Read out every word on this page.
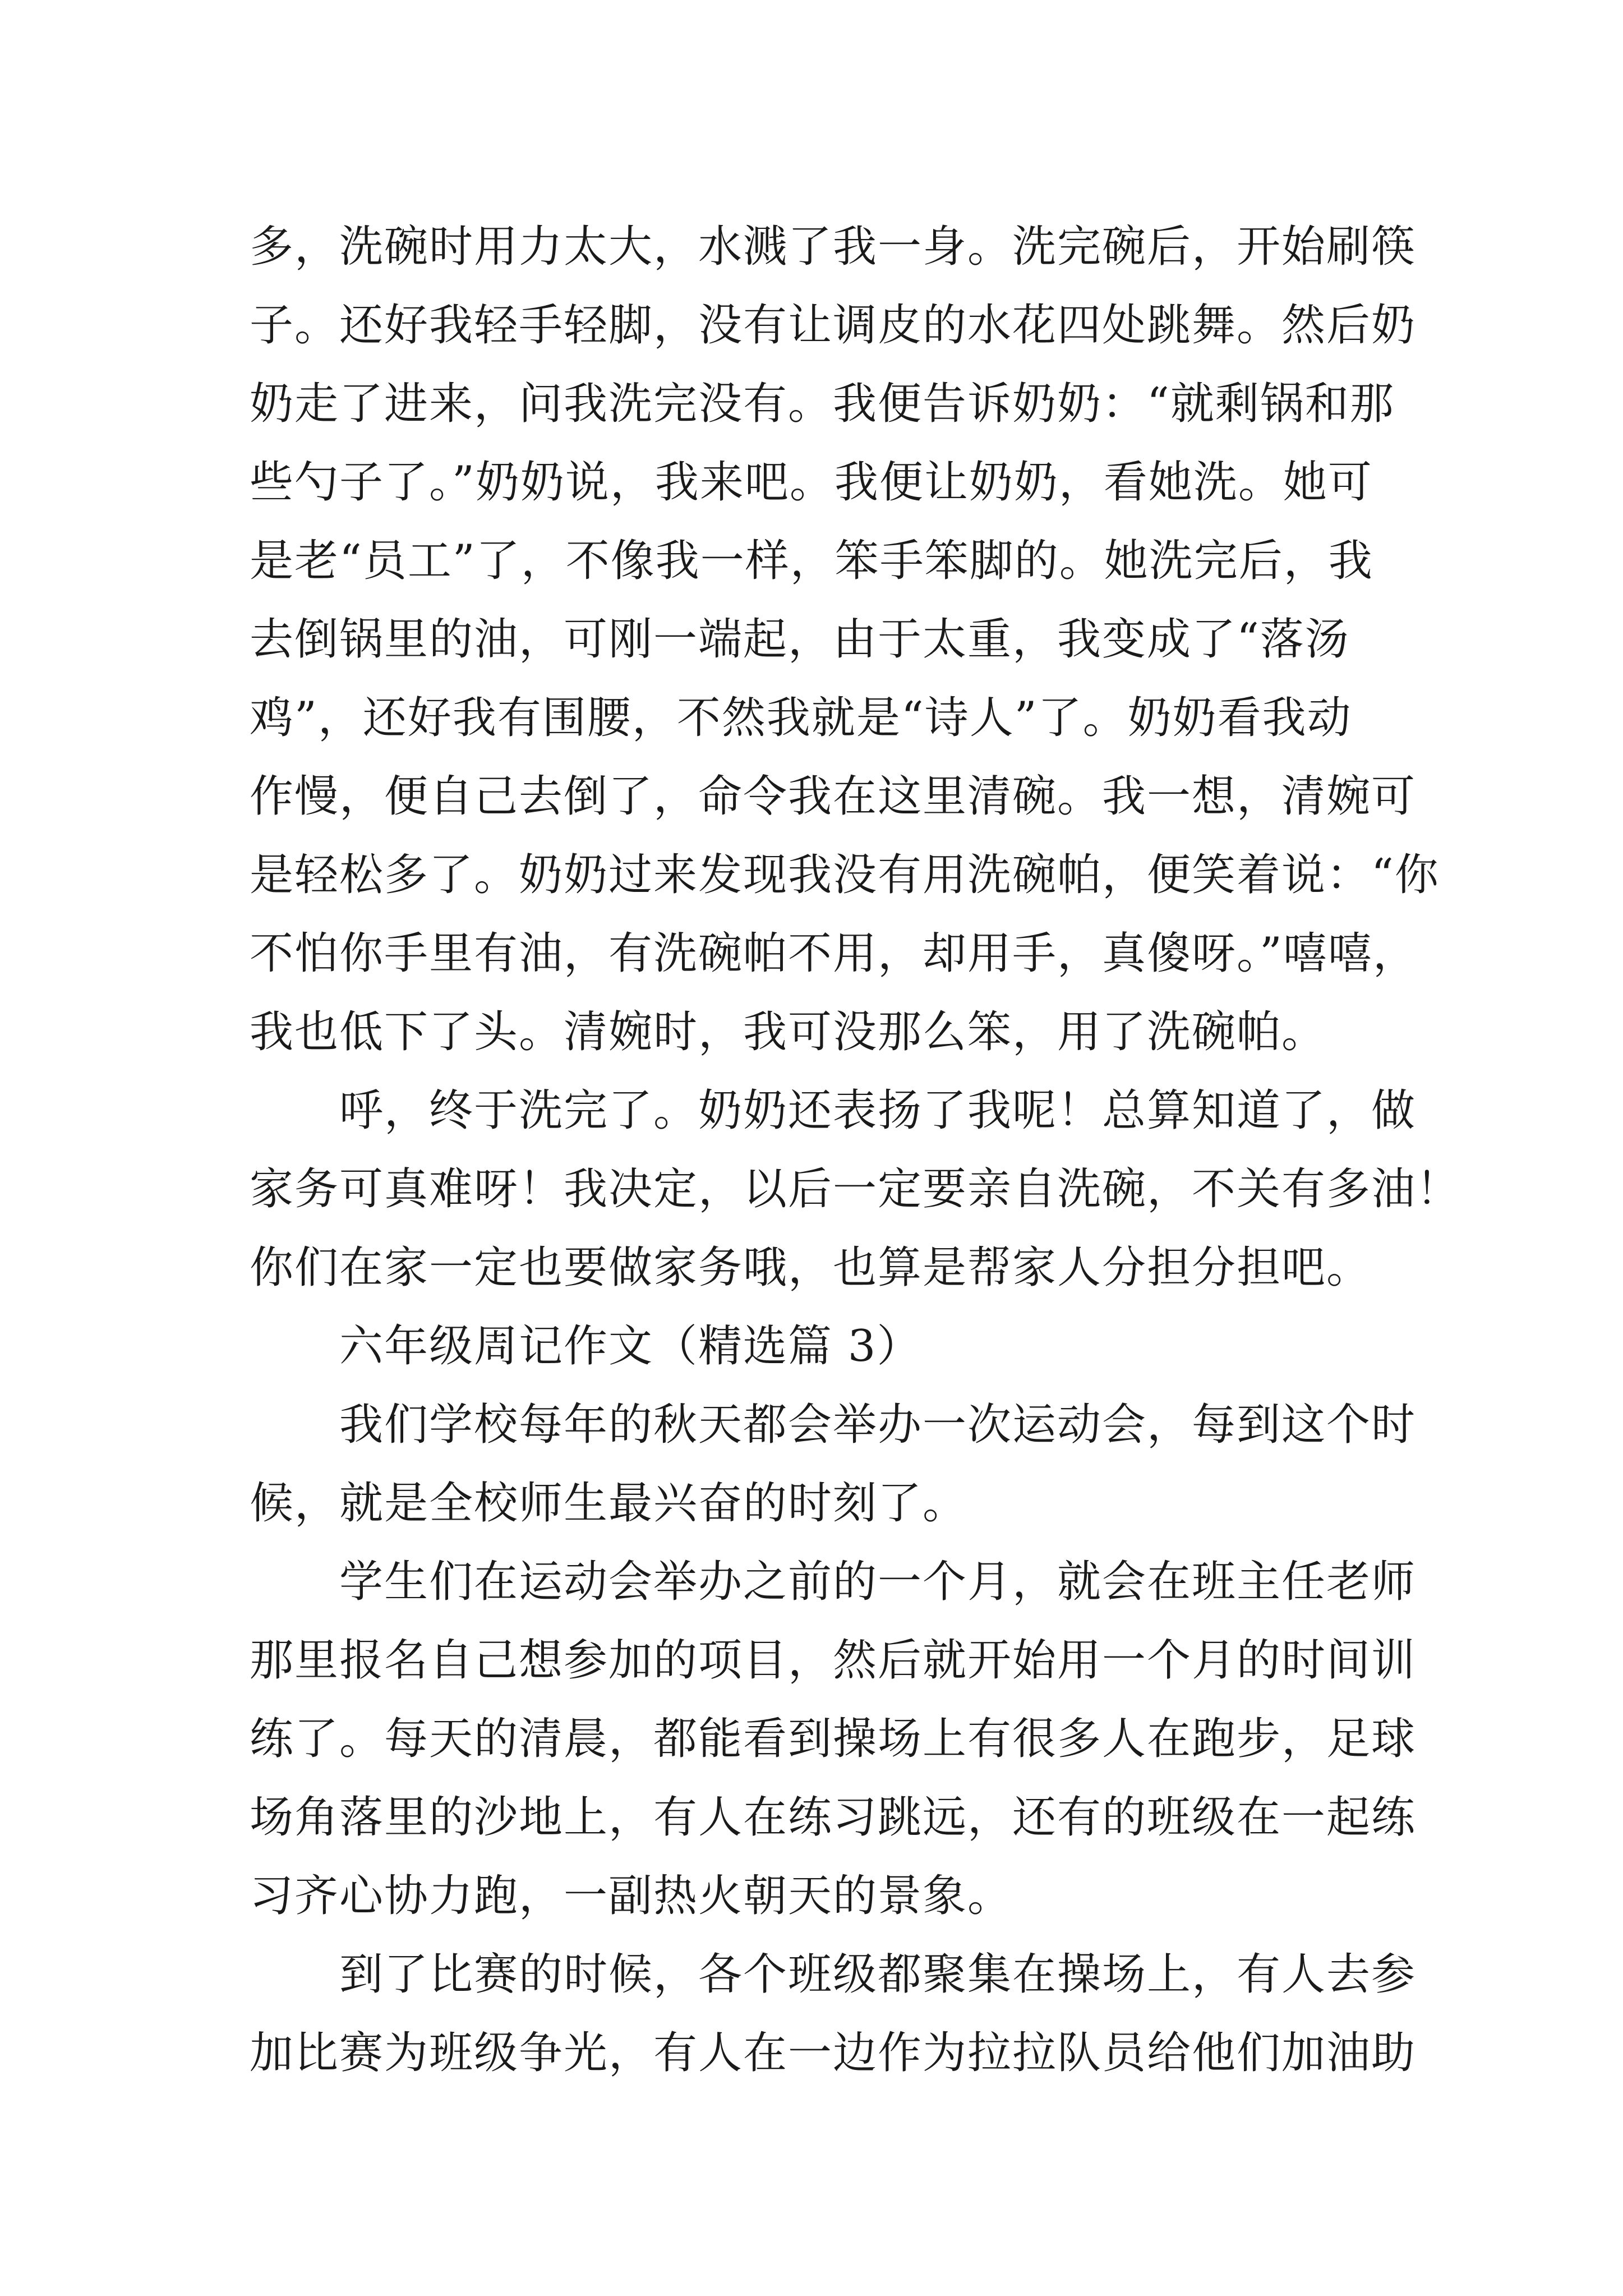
多，洗碗时用力太大，水溅了我一身。洗完碗后，开始刷筷
子。还好我轻手轻脚，没有让调皮的水花四处跳舞。然后奶
奶走了进来，问我洗完没有。我便告诉奶奶：“就剩锅和那
些勺子了。”奶奶说，我来吧。我便让奶奶，看她洗。她可
是老“员工”了，不像我一样，笨手笨脚的。她洗完后，我
去倒锅里的油，可刚一端起，由于太重，我变成了“落汤
鸡”，还好我有围腰，不然我就是“诗人”了。奶奶看我动
作慢，便自己去倒了，命令我在这里清碗。我一想，清婉可
是轻松多了。奶奶过来发现我没有用洗碗帕，便笑着说：“你
不怕你手里有油，有洗碗帕不用，却用手，真傻呀。”嘻嘻，
我也低下了头。清婉时，我可没那么笨，用了洗碗帕。
呼，终于洗完了。奶奶还表扬了我呢！总算知道了，做
家务可真难呀！我决定，以后一定要亲自洗碗，不关有多油！
你们在家一定也要做家务哦，也算是帮家人分担分担吧。
六年级周记作文（精选篇 3）
我们学校每年的秋天都会举办一次运动会，每到这个时
候，就是全校师生最兴奋的时刻了。
学生们在运动会举办之前的一个月，就会在班主任老师
那里报名自己想参加的项目，然后就开始用一个月的时间训
练了。每天的清晨，都能看到操场上有很多人在跑步，足球
场角落里的沙地上，有人在练习跳远，还有的班级在一起练
习齐心协力跑，一副热火朝天的景象。
到了比赛的时候，各个班级都聚集在操场上，有人去参
加比赛为班级争光，有人在一边作为拉拉队员给他们加油助
